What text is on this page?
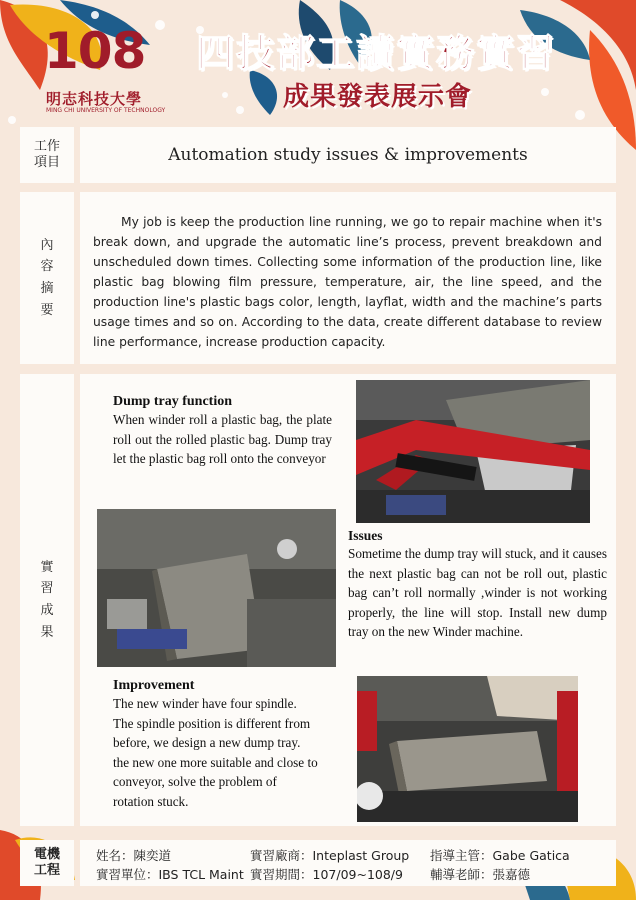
108
明志科技大學
MING CHI UNIVERSITY OF TECHNOLOGY
四技部工讀實務實習
成果發表展示會
工作
項目	Automation study issues & improvements
內
容
摘
要

My job is keep the production line running, we go to repair machine when it's break down, and upgrade the automatic line’s process, prevent breakdown and unscheduled down times. Collecting some information of the production line, like plastic bag blowing film pressure, temperature, air, the line speed, and the production line's plastic bags color, length, layflat, width and the machine’s parts usage times and so on. According to the data, create different database to review line performance, increase production capacity.

實
習
成
果
Dump tray function

When winder roll a plastic bag, the plate roll out the rolled plastic bag. Dump tray let the plastic bag roll onto the conveyor

Issues

Sometime the dump tray will stuck, and it causes the next plastic bag can not be roll out, plastic bag can’t roll normally ,winder is not working properly, the line will stop. Install new dump tray on the new Winder machine.

Improvement
The new winder have four spindle.
The spindle position is different from
before, we design a new dump tray.
the new one more suitable and close to
conveyor, solve the problem of
rotation stuck.
電機
工程
姓名：陳奕道	實習廠商：Inteplast Group 指導主管：Gabe Gatica
實習單位：IBS TCL Maint 實習期間：107/09~108/9 輔導老師：張嘉德
